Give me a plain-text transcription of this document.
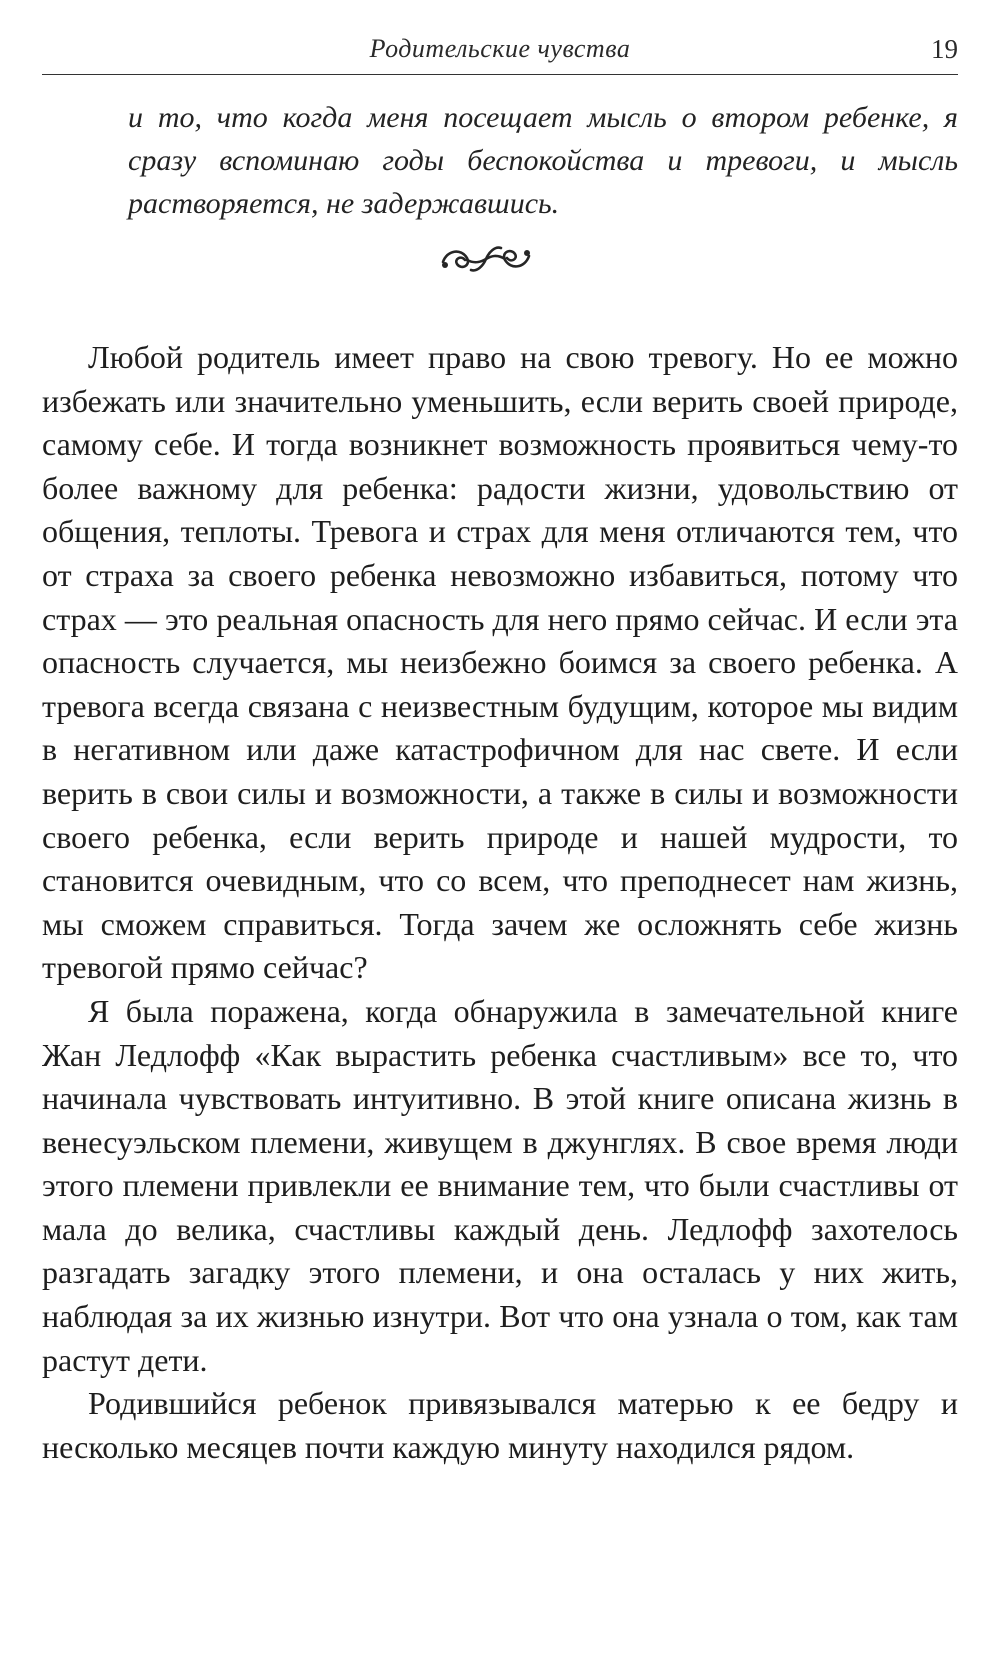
Родительские чувства	19

и то, что когда меня посещает мысль о втором ребенке, я сразу вспоминаю годы беспокойства и тревоги, и мысль растворяется, не задержавшись.

Любой родитель имеет право на свою тревогу. Но ее можно избежать или значительно уменьшить, если верить своей природе, самому себе. И тогда возникнет возможность проявиться чему-то более важному для ребенка: радости жизни, удовольствию от общения, теплоты. Тревога и страх для меня отличаются тем, что от страха за своего ребенка невозможно избавиться, потому что страх — это реальная опасность для него прямо сейчас. И если эта опасность случается, мы неизбежно боимся за своего ребенка. А тревога всегда связана с неизвестным будущим, которое мы видим в негативном или даже катастрофичном для нас свете. И если верить в свои силы и возможности, а также в силы и возможности своего ребенка, если верить природе и нашей мудрости, то становится очевидным, что со всем, что преподнесет нам жизнь, мы сможем справиться. Тогда зачем же осложнять себе жизнь тревогой прямо сейчас?

Я была поражена, когда обнаружила в замечательной книге Жан Ледлофф «Как вырастить ребенка счастливым» все то, что начинала чувствовать интуитивно. В этой книге описана жизнь в венесуэльском племени, живущем в джунглях. В свое время люди этого племени привлекли ее внимание тем, что были счастливы от мала до велика, счастливы каждый день. Ледлофф захотелось разгадать загадку этого племени, и она осталась у них жить, наблюдая за их жизнью изнутри. Вот что она узнала о том, как там растут дети.

Родившийся ребенок привязывался матерью к ее бедру и несколько месяцев почти каждую минуту находился рядом.
